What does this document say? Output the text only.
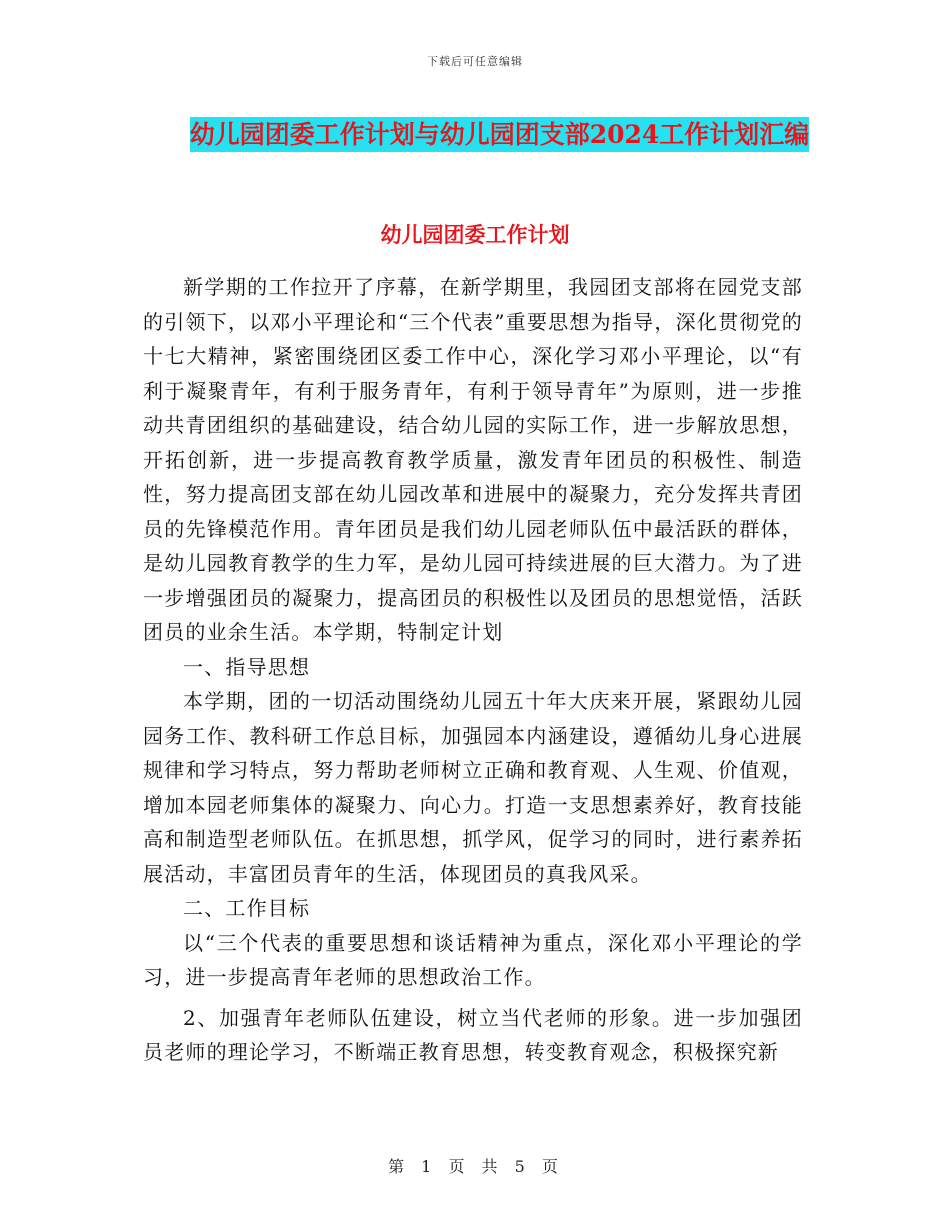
下载后可任意编辑
幼儿园团委工作计划与幼儿园团支部2024工作计划汇编
幼儿园团委工作计划

新学期的工作拉开了序幕，在新学期里，我园团支部将在园党支部的引领下，以邓小平理论和“三个代表”重要思想为指导，深化贯彻党的十七大精神，紧密围绕团区委工作中心，深化学习邓小平理论，以“有利于凝聚青年，有利于服务青年，有利于领导青年”为原则，进一步推动共青团组织的基础建设，结合幼儿园的实际工作，进一步解放思想，开拓创新，进一步提高教育教学质量，激发青年团员的积极性、制造性，努力提高团支部在幼儿园改革和进展中的凝聚力，充分发挥共青团员的先锋模范作用。青年团员是我们幼儿园老师队伍中最活跃的群体，是幼儿园教育教学的生力军，是幼儿园可持续进展的巨大潜力。为了进一步增强团员的凝聚力，提高团员的积极性以及团员的思想觉悟，活跃团员的业余生活。本学期，特制定计划

一、指导思想

本学期，团的一切活动围绕幼儿园五十年大庆来开展，紧跟幼儿园园务工作、教科研工作总目标，加强园本内涵建设，遵循幼儿身心进展规律和学习特点，努力帮助老师树立正确和教育观、人生观、价值观，增加本园老师集体的凝聚力、向心力。打造一支思想素养好，教育技能高和制造型老师队伍。在抓思想，抓学风，促学习的同时，进行素养拓展活动，丰富团员青年的生活，体现团员的真我风采。

二、工作目标

以“三个代表的重要思想和谈话精神为重点，深化邓小平理论的学习，进一步提高青年老师的思想政治工作。

2、加强青年老师队伍建设，树立当代老师的形象。进一步加强团员老师的理论学习，不断端正教育思想，转变教育观念，积极探究新

第 1 页 共 5 页
